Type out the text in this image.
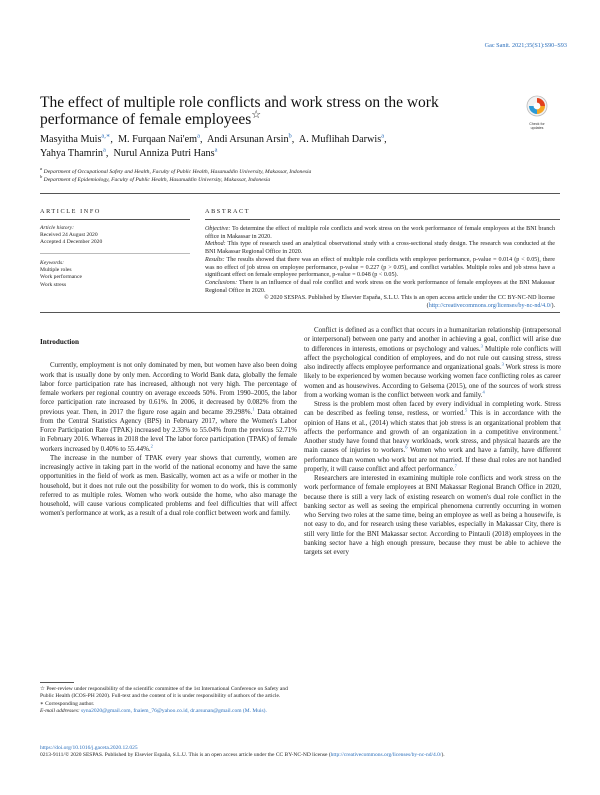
Gac Sanit. 2021;35(S1):S90–S93
The effect of multiple role conflicts and work stress on the work performance of female employees☆
Check for updates
Masyitha Muis$^{a,∗}$,  M. Furqaan $Nai'em^a$,  Andi Arsunan Arsin$^b$,  A. Muflihah Darwis$^a$,
Yahya Thamrin$^a$,  Nurul Anniza Putri Hans$^a$
$^a$ Department of Occupational Safety and Health, Faculty of Public Health, Hasanuddin University, Makassar, Indonesia
$^b$ Department of Epidemiology, Faculty of Public Health, Hasanuddin University, Makassar, Indonesia
ARTICLE INFO
Article history:
Received 24 August 2020
Accepted 4 December 2020
Keywords:
Multiple roles
Work performance
Work stress
ABSTRACT

Objective: To determine the effect of multiple role conflicts and work stress on the work performance of female employees at the BNI branch office in Makassar in 2020.

Method: This type of research used an analytical observational study with a cross-sectional study design. The research was conducted at the BNI Makassar Regional Office in 2020.

Results: The results showed that there was an effect of multiple role conflicts with employee performance, p-value = 0.014 (p < 0.05), there was no effect of job stress on employee performance, p-value = 0.227 (p > 0.05), and conflict variables. Multiple roles and job stress have a significant effect on female employee performance, p-value = 0.048 (p < 0.05).

Conclusions: There is an influence of dual role conflict and work stress on the work performance of female employees at the BNI Makassar Regional Office in 2020.

© 2020 SESPAS. Published by Elsevier España, S.L.U. This is an open access article under the CC BY-NC-ND license (http://creativecommons.org/licenses/by-nc-nd/4.0/).

Introduction

Currently, employment is not only dominated by men, but women have also been doing work that is usually done by only men. According to World Bank data, globally the female labor force participation rate has increased, although not very high. The percentage of female workers per regional country on average exceeds 50%. From 1990–2005, the labor force participation rate increased by 0.61%. In 2006, it decreased by 0.082% from the previous year. Then, in 2017 the figure rose again and became 39.298%.$^1$ Data obtained from the Central Statistics Agency (BPS) in February 2017, where the Women's Labor Force Participation Rate (TPAK) increased by 2.33% to 55.04% from the previous 52.71% in February 2016. Whereas in 2018 the level The labor force participation (TPAK) of female workers increased by 0.40% to 55.44%.$^2$

The increase in the number of TPAK every year shows that currently, women are increasingly active in taking part in the world of the national economy and have the same opportunities in the field of work as men. Basically, women act as a wife or mother in the household, but it does not rule out the possibility for women to do work, this is commonly referred to as multiple roles. Women who work outside the home, who also manage the household, will cause various complicated problems and feel difficulties that will affect women's performance at work, as a result of a dual role conflict between work and family.

Conflict is defined as a conflict that occurs in a humanitarian relationship (intrapersonal or interpersonal) between one party and another in achieving a goal, conflict will arise due to differences in interests, emotions or psychology and values.$^3$ Multiple role conflicts will affect the psychological condition of employees, and do not rule out causing stress, stress also indirectly affects employee performance and organizational goals.$^3$ Work stress is more likely to be experienced by women because working women face conflicting roles as career women and as housewives. According to Gelsema (2015), one of the sources of work stress from a working woman is the conflict between work and family.$^4$

Stress is the problem most often faced by every individual in completing work. Stress can be described as feeling tense, restless, or worried.$^5$ This is in accordance with the opinion of Hans et al., (2014) which states that job stress is an organizational problem that affects the performance and growth of an organization in a competitive environment.$^5$ Another study have found that heavy workloads, work stress, and physical hazards are the main causes of injuries to workers.$^6$ Women who work and have a family, have different performance than women who work but are not married. If these dual roles are not handled properly, it will cause conflict and affect performance.$^7$

Researchers are interested in examining multiple role conflicts and work stress on the work performance of female employees at BNI Makassar Regional Branch Office in 2020, because there is still a very lack of existing research on women's dual role conflict in the banking sector as well as seeing the empirical phenomena currently occurring in women who Serving two roles at the same time, being an employee as well as being a housewife, is not easy to do, and for research using these variables, especially in Makassar City, there is still very little for the BNI Makassar sector. According to Pintauli (2018) employees in the banking sector have a high enough pressure, because they must be able to achieve the targets set every

☆ Peer-review under responsibility of the scientific committee of the 1st International Conference on Safety and Public Health (ICOS-PH 2020). Full-text and the content of it is under responsibility of authors of the article.

∗ Corresponding author.

E-mail addresses: syna2020@gmail.com, fnaiem_76@yahoo.co.id, dr.arsunan@gmail.com (M. Muis).

https://doi.org/10.1016/j.gaceta.2020.12.025
0213-9111/© 2020 SESPAS. Published by Elsevier España, S.L.U. This is an open access article under the CC BY-NC-ND license (http://creativecommons.org/licenses/by-nc-nd/4.0/).
